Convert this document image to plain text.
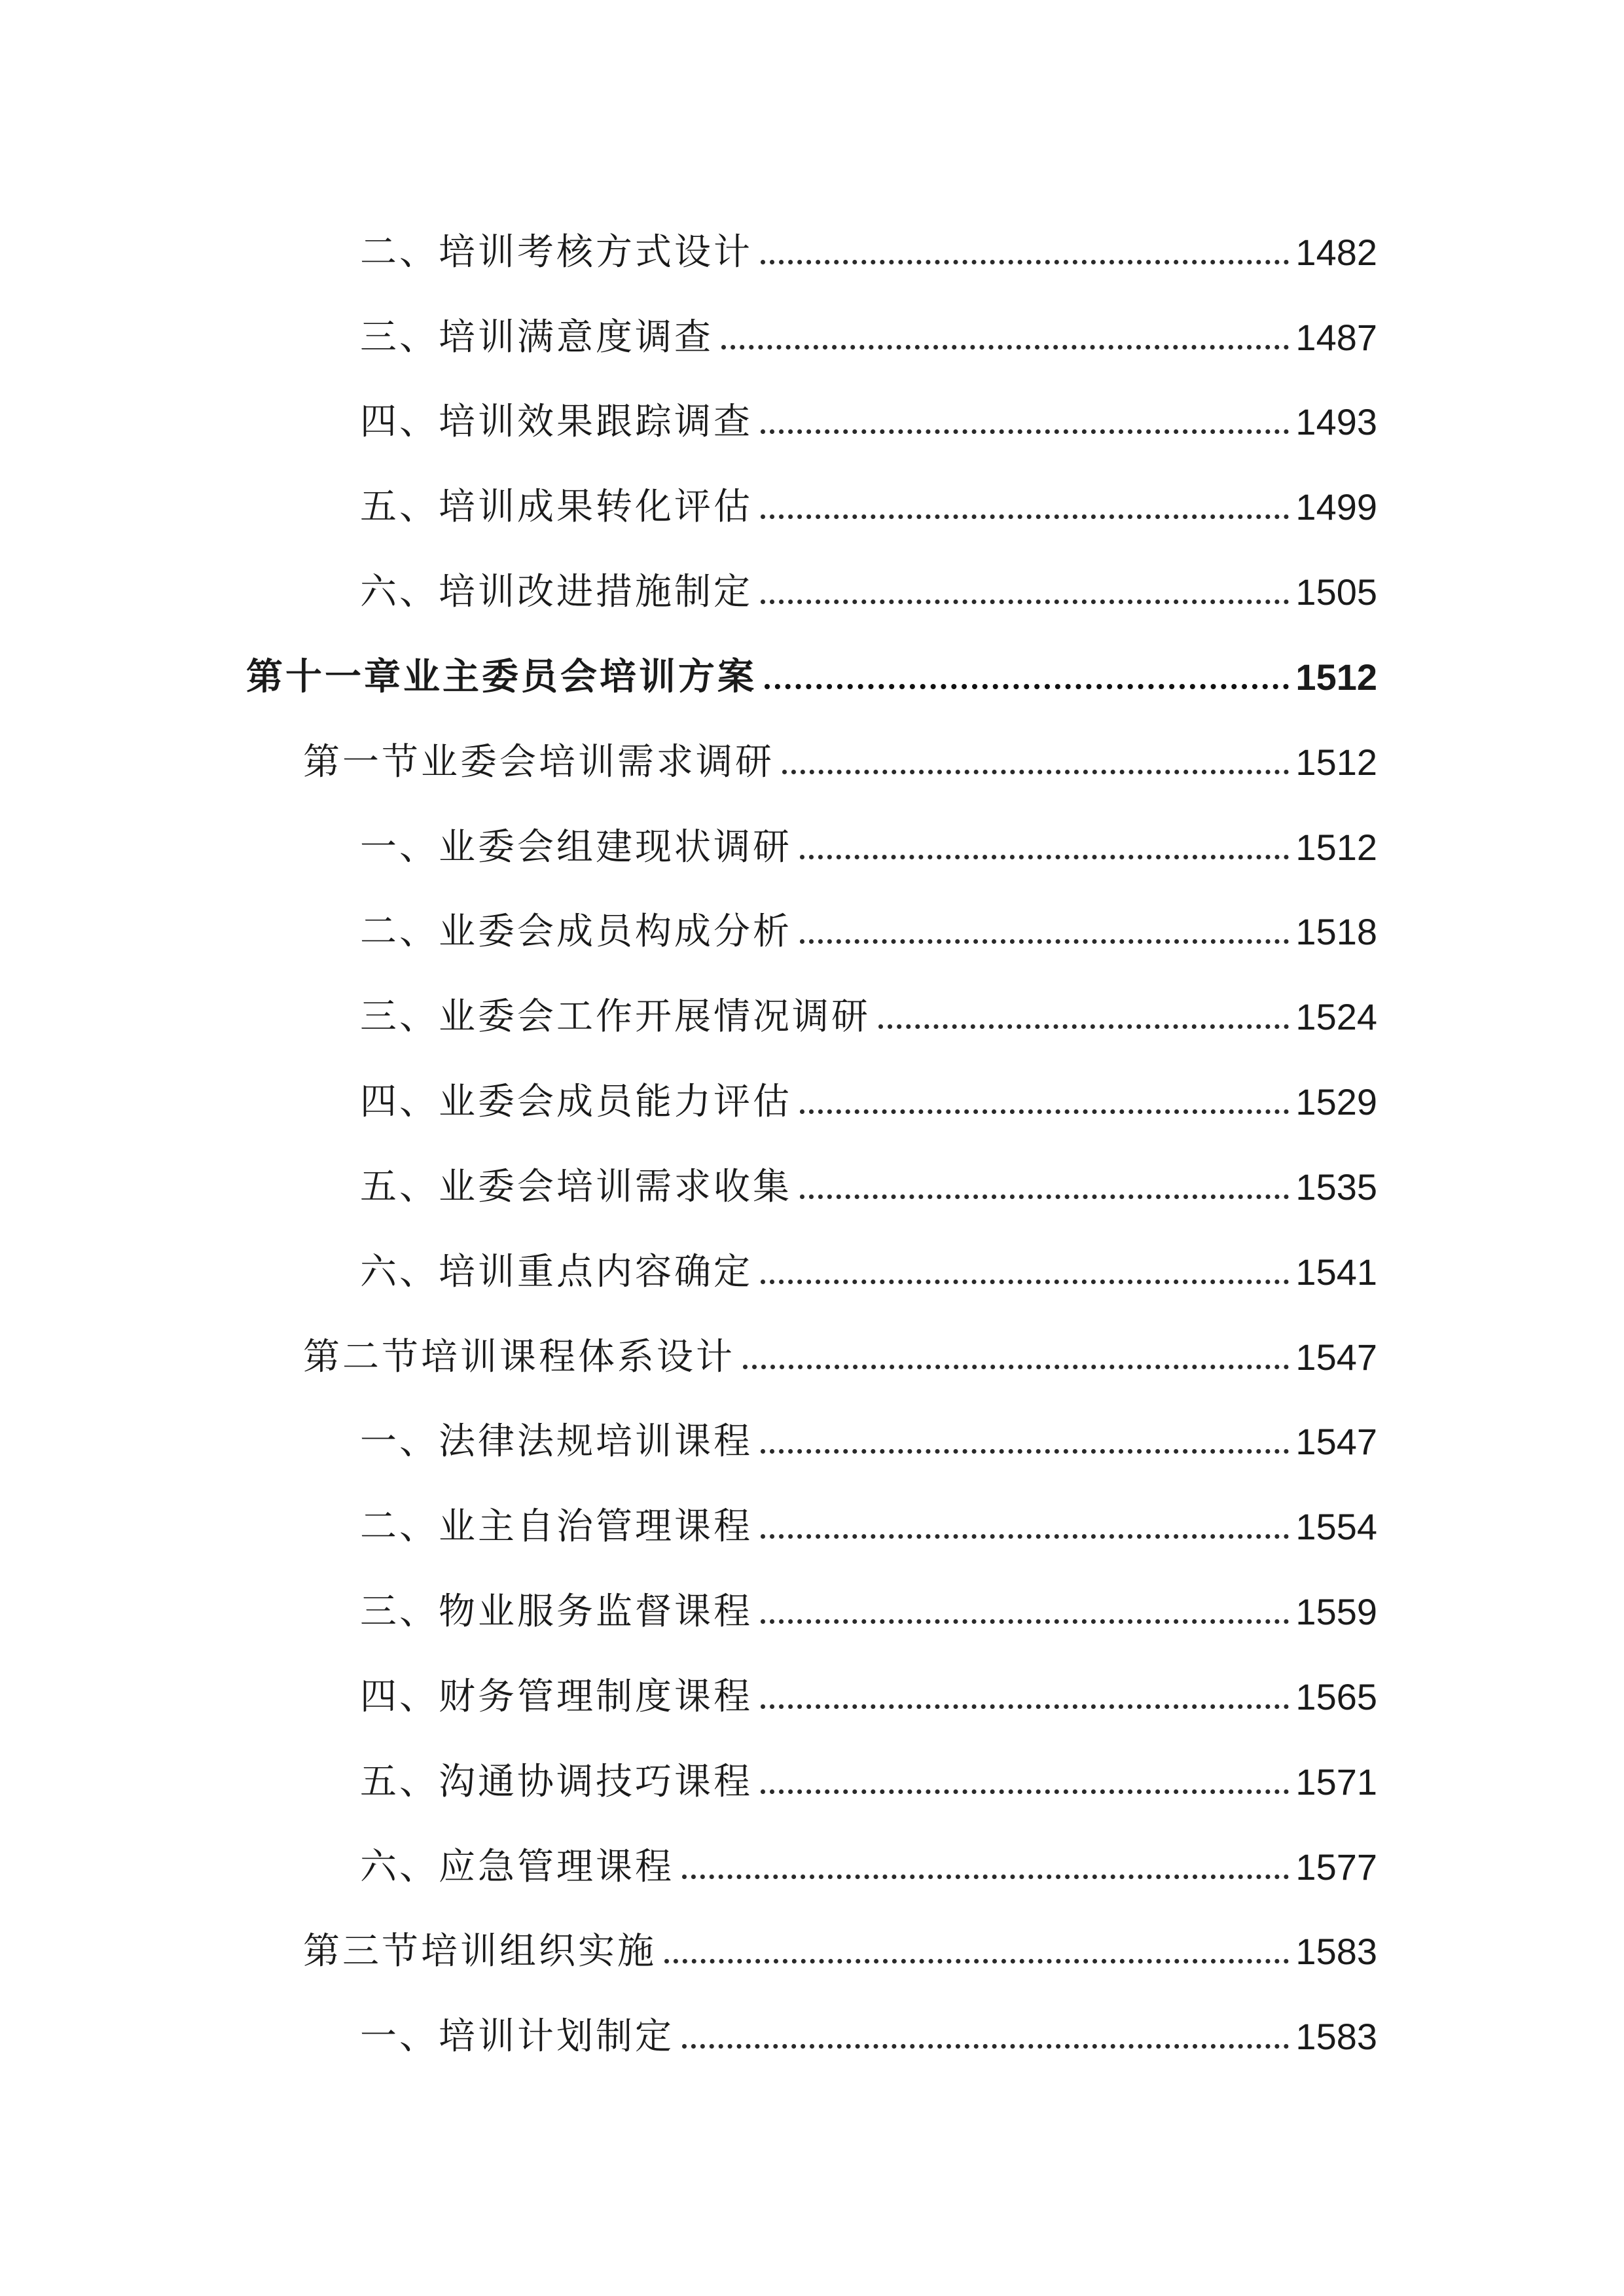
二、培训考核方式设计	1482
三、培训满意度调查	1487
四、培训效果跟踪调查	1493
五、培训成果转化评估	1499
六、培训改进措施制定	1505
第十一章业主委员会培训方案	1512
第一节业委会培训需求调研	1512
一、业委会组建现状调研	1512
二、业委会成员构成分析	1518
三、业委会工作开展情况调研	1524
四、业委会成员能力评估	1529
五、业委会培训需求收集	1535
六、培训重点内容确定	1541
第二节培训课程体系设计	1547
一、法律法规培训课程	1547
二、业主自治管理课程	1554
三、物业服务监督课程	1559
四、财务管理制度课程	1565
五、沟通协调技巧课程	1571
六、应急管理课程	1577
第三节培训组织实施	1583
一、培训计划制定	1583
